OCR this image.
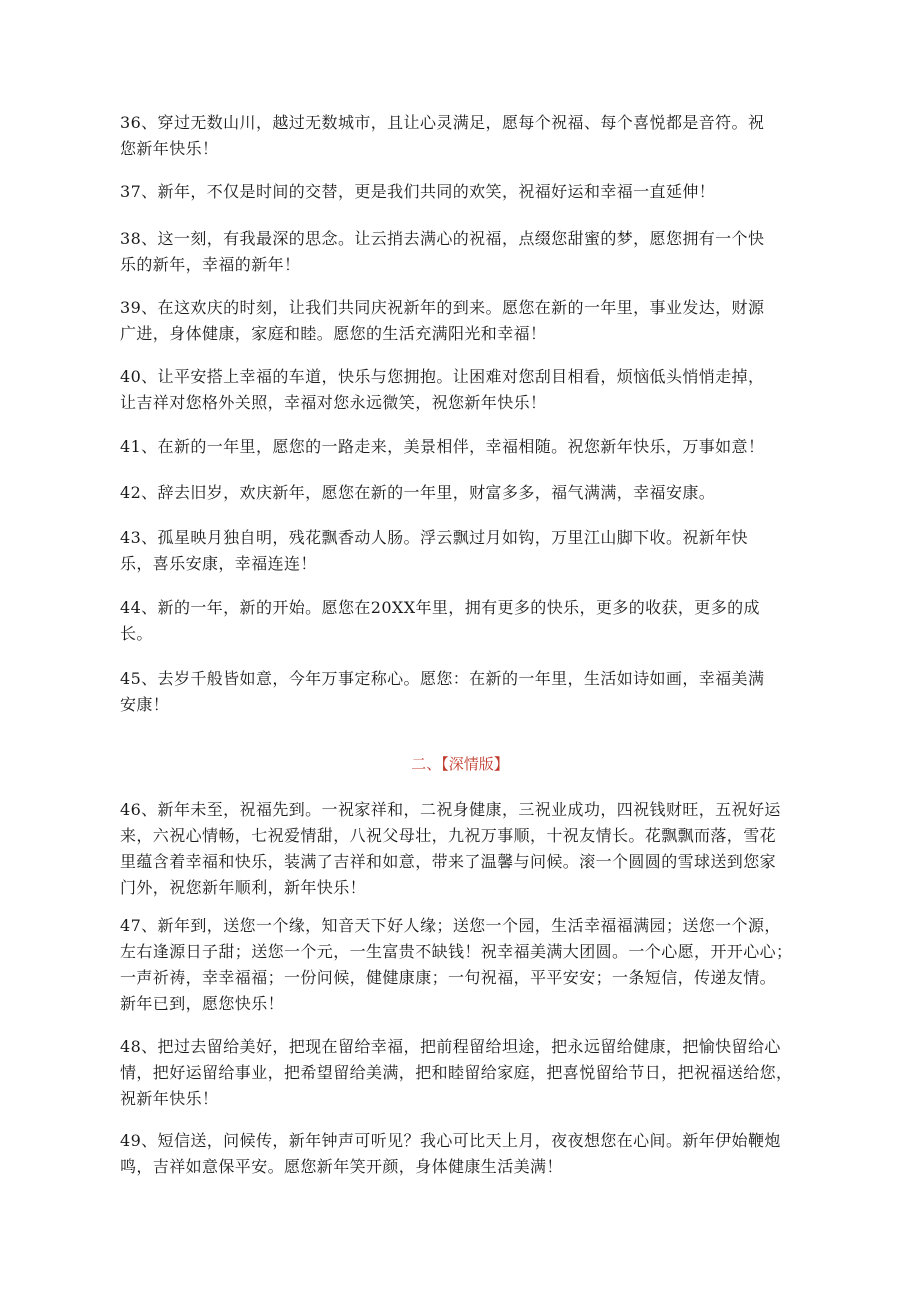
36、穿过无数山川，越过无数城市，且让心灵满足，愿每个祝福、每个喜悦都是音符。祝
您新年快乐！
37、新年，不仅是时间的交替，更是我们共同的欢笑，祝福好运和幸福一直延伸！
38、这一刻，有我最深的思念。让云捎去满心的祝福，点缀您甜蜜的梦，愿您拥有一个快
乐的新年，幸福的新年！
39、在这欢庆的时刻，让我们共同庆祝新年的到来。愿您在新的一年里，事业发达，财源
广进，身体健康，家庭和睦。愿您的生活充满阳光和幸福！
40、让平安搭上幸福的车道，快乐与您拥抱。让困难对您刮目相看，烦恼低头悄悄走掉，
让吉祥对您格外关照，幸福对您永远微笑，祝您新年快乐！
41、在新的一年里，愿您的一路走来，美景相伴，幸福相随。祝您新年快乐，万事如意！
42、辞去旧岁，欢庆新年，愿您在新的一年里，财富多多，福气满满，幸福安康。
43、孤星映月独自明，残花飘香动人肠。浮云飘过月如钩，万里江山脚下收。祝新年快
乐，喜乐安康，幸福连连！
44、新的一年，新的开始。愿您在20XX年里，拥有更多的快乐，更多的收获，更多的成
长。
45、去岁千般皆如意，今年万事定称心。愿您：在新的一年里，生活如诗如画，幸福美满
安康！
二、【深情版】
46、新年未至，祝福先到。一祝家祥和，二祝身健康，三祝业成功，四祝钱财旺，五祝好运
来，六祝心情畅，七祝爱情甜，八祝父母壮，九祝万事顺，十祝友情长。花飘飘而落，雪花
里蕴含着幸福和快乐，装满了吉祥和如意，带来了温馨与问候。滚一个圆圆的雪球送到您家
门外，祝您新年顺利，新年快乐！
47、新年到，送您一个缘，知音天下好人缘；送您一个园，生活幸福福满园；送您一个源，
左右逢源日子甜；送您一个元，一生富贵不缺钱！祝幸福美满大团圆。一个心愿，开开心心；
一声祈祷，幸幸福福；一份问候，健健康康；一句祝福，平平安安；一条短信，传递友情。
新年已到，愿您快乐！
48、把过去留给美好，把现在留给幸福，把前程留给坦途，把永远留给健康，把愉快留给心
情，把好运留给事业，把希望留给美满，把和睦留给家庭，把喜悦留给节日，把祝福送给您，
祝新年快乐！
49、短信送，问候传，新年钟声可听见？我心可比天上月，夜夜想您在心间。新年伊始鞭炮
鸣，吉祥如意保平安。愿您新年笑开颜，身体健康生活美满！
